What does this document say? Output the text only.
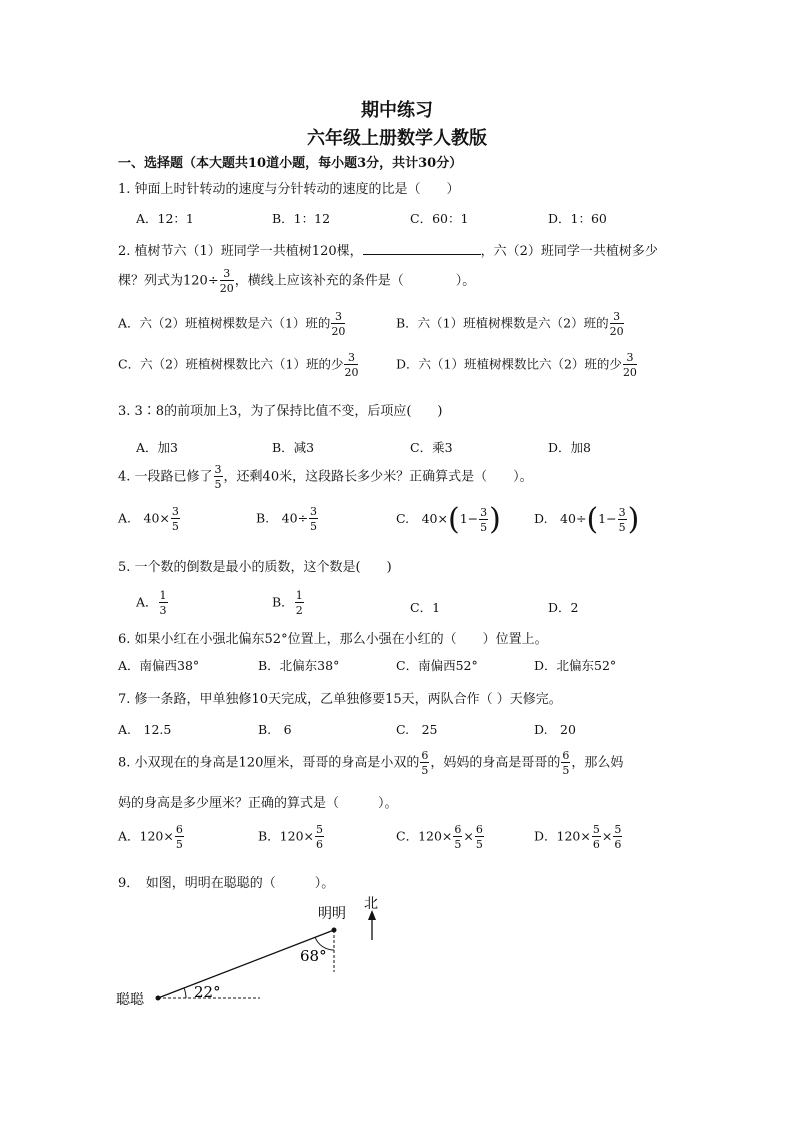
期中练习
六年级上册数学人教版
一、选择题（本大题共10道小题，每小题3分，共计30分）
1. 钟面上时针转动的速度与分针转动的速度的比是（　　）
A．12：1	B．1：12	C．60：1	D．1：60
2. 植树节六（1）班同学一共植树120棵，	，六（2）班同学一共植树多少
棵？列式为$120\div \frac{3}{20}$ ，横线上应该补充的条件是（　　　　）。
A．六（2）班植树棵数是六（1）班的 $\frac{3}{20}$	B．六（1）班植树棵数是六（2）班的 $\frac{3}{20}$
C．六（2）班植树棵数比六（1）班的少 $\frac{3}{20}$	D．六（1）班植树棵数比六（2）班的少 $\frac{3}{20}$
3. 3∶8的前项加上3，为了保持比值不变，后项应(　　)
A．加3	B．减3	C．乘3	D．加8
4. 一段路已修了 $\frac{3}{5}$ ，还剩40米，这段路长多少米？正确算式是（　　）。
A.　$40\times \frac{3}{5}$	B.　$40\div \frac{3}{5}$	C.　$40\times(1- \frac{3}{5}$ )	D.　$40\div(1- \frac{3}{5}$ )
5. 一个数的倒数是最小的质数，这个数是(　　)
A． $\frac{1}{3}$	B． $\frac{1}{2}$	C．1	D．2
6. 如果小红在小强北偏东52°位置上，那么小强在小红的（　　）位置上。
A．南偏西38°	B．北偏东38°	C．南偏西52°	D．北偏东52°
7. 修一条路，甲单独修10天完成，乙单独修要15天，两队合作（ ）天修完。
A.　12.5	B.　6	C.　25	D.　20
8. 小双现在的身高是120厘米，哥哥的身高是小双的 $\frac{6}{5}$ ，妈妈的身高是哥哥的 $\frac{6}{5}$ ，那么妈
妈的身高是多少厘米？正确的算式是（　　　）。
A．$120\times \frac{6}{5}$	B．$120\times \frac{5}{6}$	C．$120\times \frac{6}{5} \times \frac{6}{5}$	D．$120\times \frac{5}{6} \times \frac{5}{6}$
9．　如图，明明在聪聪的（　　　）。
北
明明
68°
22°
聪聪
